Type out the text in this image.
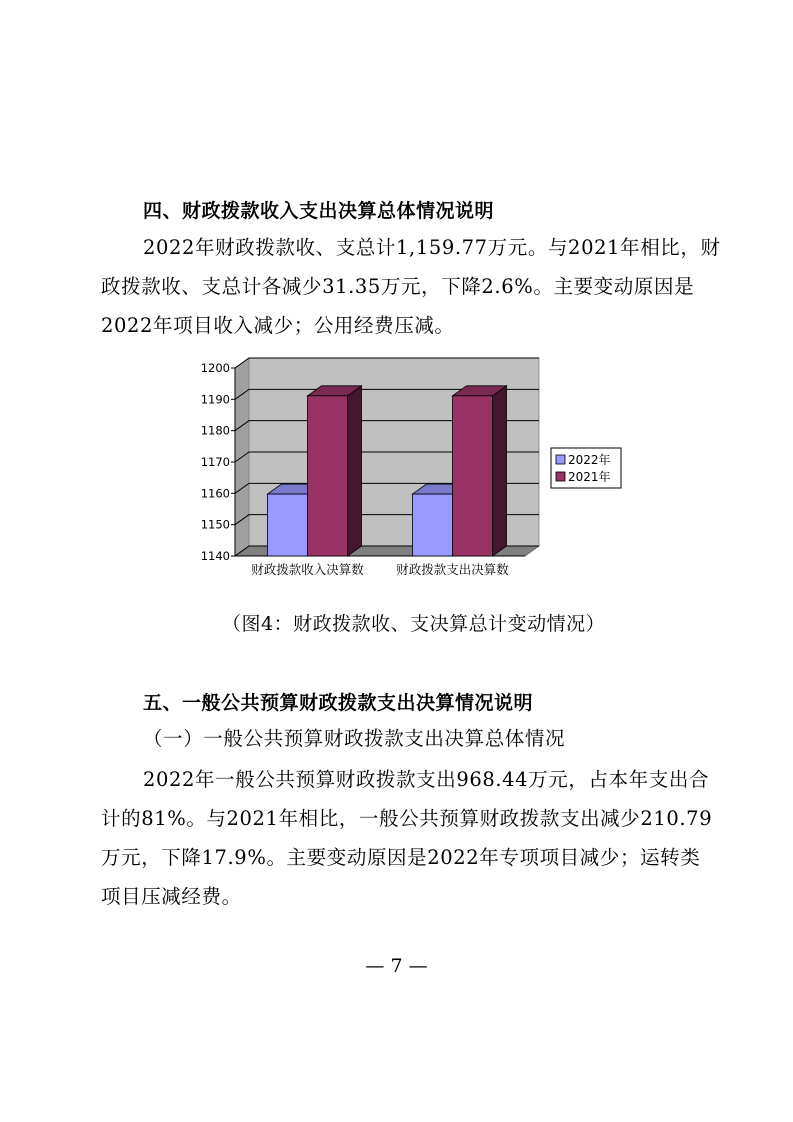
四、财政拨款收入支出决算总体情况说明
2022年财政拨款收、支总计1,159.77万元。与2021年相比，财
政拨款收、支总计各减少31.35万元，下降2.6%。主要变动原因是
2022年项目收入减少；公用经费压减。
1140
1150
1160
1170
1180
1190
1200
财政拨款收入决算数	财政拨款支出决算数
2022年
2021年
（图4：财政拨款收、支决算总计变动情况）
五、一般公共预算财政拨款支出决算情况说明
（一）一般公共预算财政拨款支出决算总体情况
2022年一般公共预算财政拨款支出968.44万元，占本年支出合
计的81%。与2021年相比，一般公共预算财政拨款支出减少210.79
万元，下降17.9%。主要变动原因是2022年专项项目减少；运转类
项目压减经费。
— 7 —
